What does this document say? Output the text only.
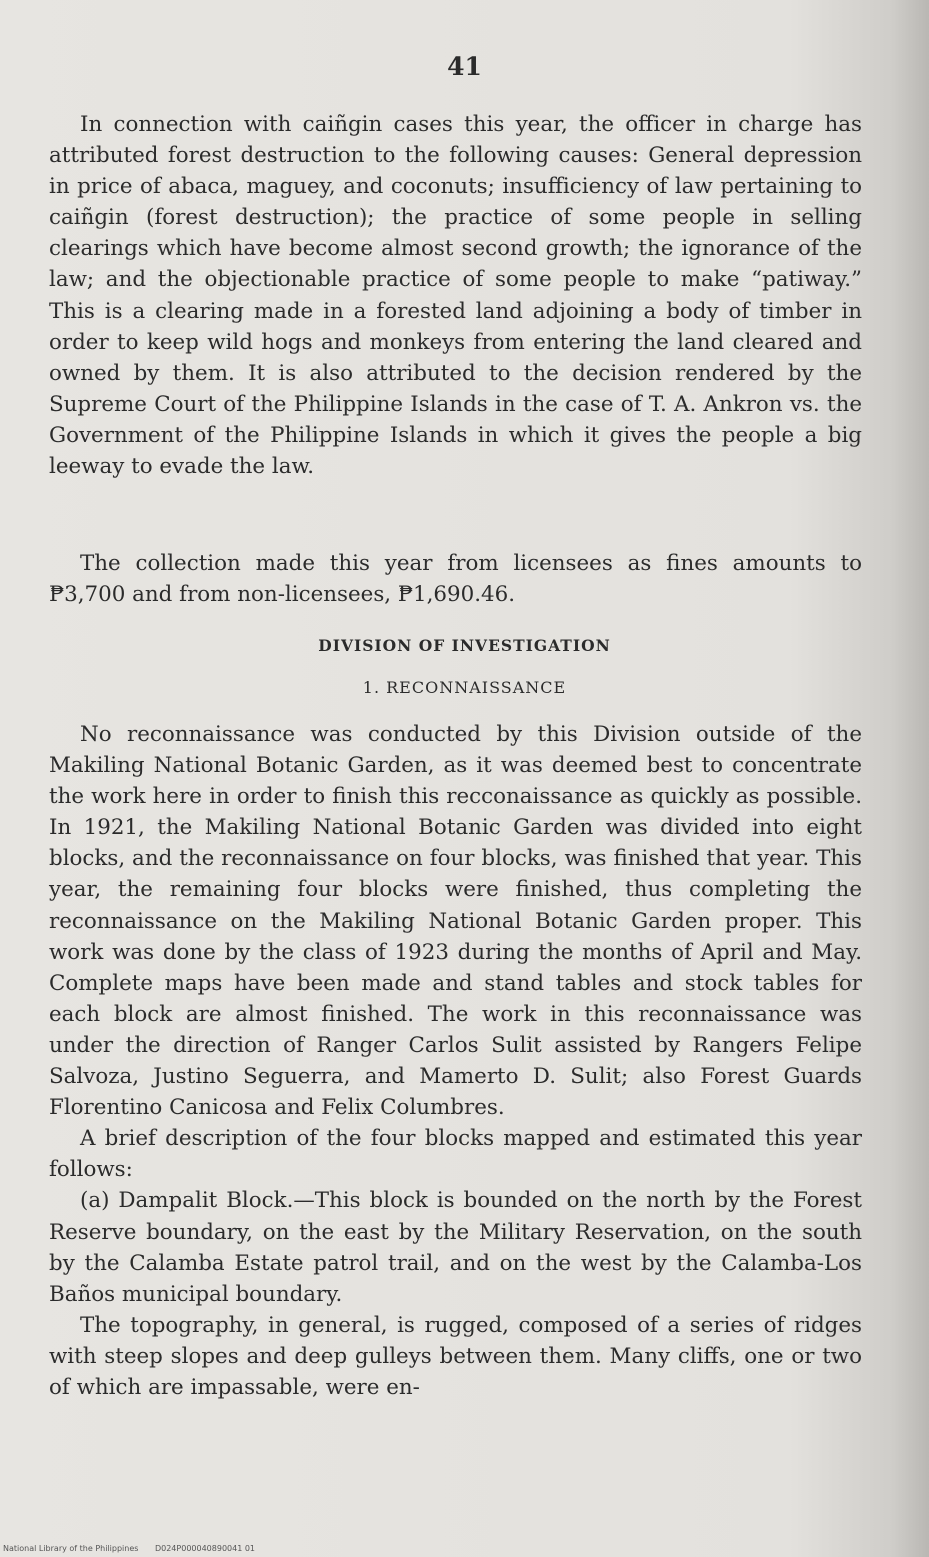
41

In connection with caiñgin cases this year, the officer in charge has attributed forest destruction to the following causes: General depression in price of abaca, maguey, and coconuts; insufficiency of law pertaining to caiñgin (forest destruction); the practice of some people in selling clearings which have become almost second growth; the ignorance of the law; and the objectionable practice of some people to make “patiway.” This is a clearing made in a forested land adjoining a body of timber in order to keep wild hogs and monkeys from entering the land cleared and owned by them. It is also attributed to the decision rendered by the Supreme Court of the Philippine Islands in the case of T. A. Ankron vs. the Government of the Philippine Islands in which it gives the people a big leeway to evade the law.

The collection made this year from licensees as fines amounts to ₱3,700 and from non-licensees, ₱1,690.46.

DIVISION OF INVESTIGATION
1. RECONNAISSANCE

No reconnaissance was conducted by this Division outside of the Makiling National Botanic Garden, as it was deemed best to concentrate the work here in order to finish this recconaissance as quickly as possible. In 1921, the Makiling National Botanic Garden was divided into eight blocks, and the reconnaissance on four blocks, was finished that year. This year, the remaining four blocks were finished, thus completing the reconnaissance on the Makiling National Botanic Garden proper. This work was done by the class of 1923 during the months of April and May. Complete maps have been made and stand tables and stock tables for each block are almost finished. The work in this reconnaissance was under the direction of Ranger Carlos Sulit assisted by Rangers Felipe Salvoza, Justino Seguerra, and Mamerto D. Sulit; also Forest Guards Florentino Canicosa and Felix Columbres.

A brief description of the four blocks mapped and estimated this year follows:

(a) Dampalit Block.—This block is bounded on the north by the Forest Reserve boundary, on the east by the Military Reservation, on the south by the Calamba Estate patrol trail, and on the west by the Calamba-Los Baños municipal boundary.

The topography, in general, is rugged, composed of a series of ridges with steep slopes and deep gulleys between them. Many cliffs, one or two of which are impassable, were en-

National Library of the Philippines D024P000040890041 01
